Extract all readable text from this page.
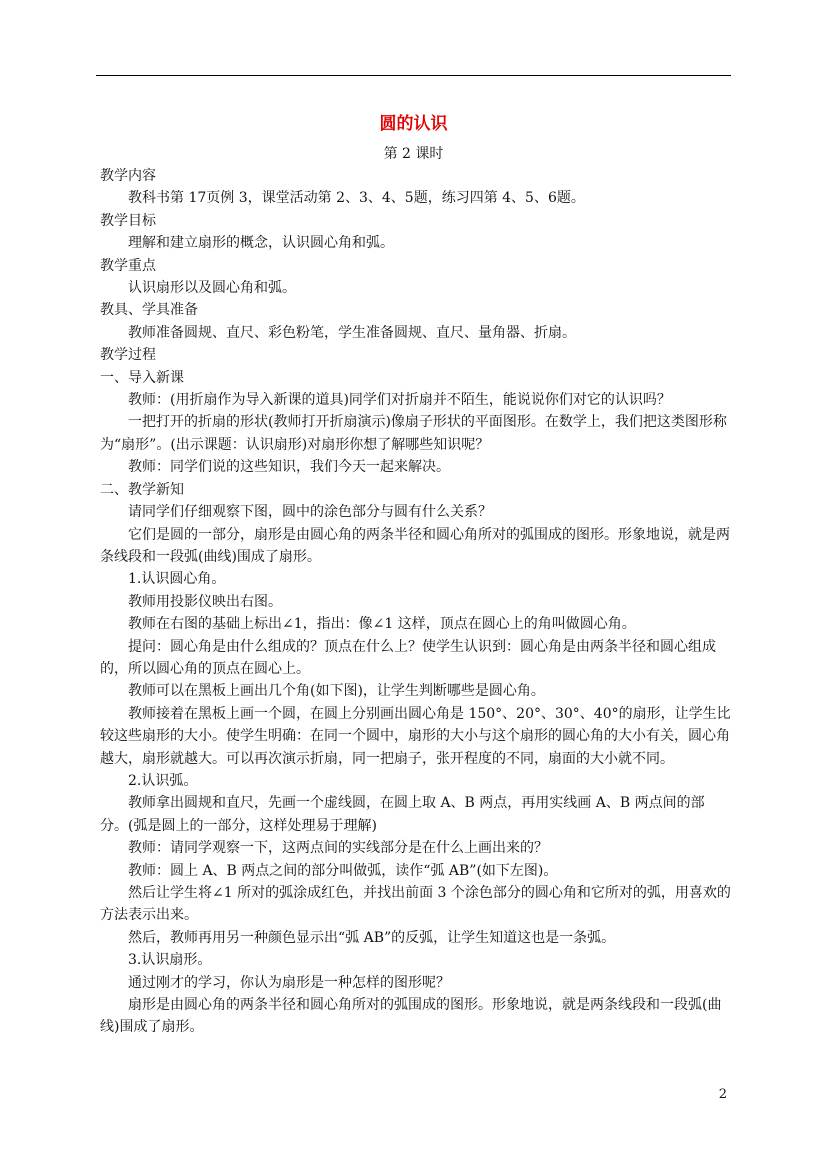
圆的认识
第 2 课时

教学内容

教科书第 17页例 3，课堂活动第 2、3、4、5题，练习四第 4、5、6题。

教学目标

理解和建立扇形的概念，认识圆心角和弧。

教学重点

认识扇形以及圆心角和弧。

教具、学具准备

教师准备圆规、直尺、彩色粉笔，学生准备圆规、直尺、量角器、折扇。

教学过程

一、导入新课

教师：(用折扇作为导入新课的道具)同学们对折扇并不陌生，能说说你们对它的认识吗？

一把打开的折扇的形状(教师打开折扇演示)像扇子形状的平面图形。在数学上，我们把这类图形称为“扇形”。(出示课题：认识扇形)对扇形你想了解哪些知识呢？

教师：同学们说的这些知识，我们今天一起来解决。

二、教学新知

请同学们仔细观察下图，圆中的涂色部分与圆有什么关系？

它们是圆的一部分，扇形是由圆心角的两条半径和圆心角所对的弧围成的图形。形象地说，就是两条线段和一段弧(曲线)围成了扇形。

1.认识圆心角。

教师用投影仪映出右图。

教师在右图的基础上标出∠1，指出：像∠1 这样，顶点在圆心上的角叫做圆心角。

提问：圆心角是由什么组成的？顶点在什么上？使学生认识到：圆心角是由两条半径和圆心组成的，所以圆心角的顶点在圆心上。

教师可以在黑板上画出几个角(如下图)，让学生判断哪些是圆心角。

教师接着在黑板上画一个圆，在圆上分别画出圆心角是 150°、20°、30°、40°的扇形，让学生比较这些扇形的大小。使学生明确：在同一个圆中，扇形的大小与这个扇形的圆心角的大小有关，圆心角越大，扇形就越大。可以再次演示折扇，同一把扇子，张开程度的不同，扇面的大小就不同。

2.认识弧。

教师拿出圆规和直尺，先画一个虚线圆，在圆上取 A、B 两点，再用实线画 A、B 两点间的部分。(弧是圆上的一部分，这样处理易于理解)

教师：请同学观察一下，这两点间的实线部分是在什么上画出来的？

教师：圆上 A、B 两点之间的部分叫做弧，读作“弧 AB”(如下左图)。

然后让学生将∠1 所对的弧涂成红色，并找出前面 3 个涂色部分的圆心角和它所对的弧，用喜欢的方法表示出来。

然后，教师再用另一种颜色显示出“弧 AB”的反弧，让学生知道这也是一条弧。

3.认识扇形。

通过刚才的学习，你认为扇形是一种怎样的图形呢？

扇形是由圆心角的两条半径和圆心角所对的弧围成的图形。形象地说，就是两条线段和一段弧(曲线)围成了扇形。

2
